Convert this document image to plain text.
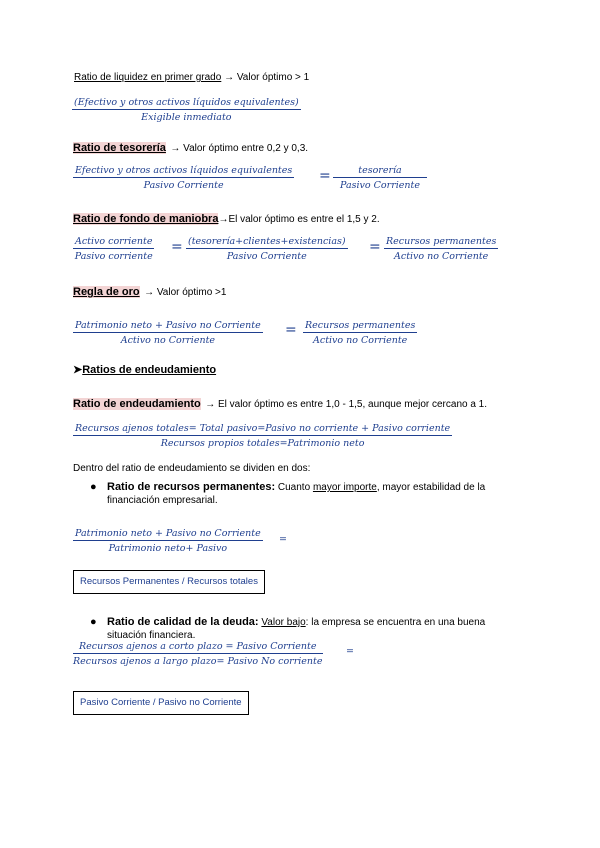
Ratio de liquidez en primer grado → Valor óptimo > 1
(Efectivo y otros activos líquidos equivalentes)
Exigible inmediato
Ratio de tesorería → Valor óptimo entre 0,2 y 0,3.
Efectivo y otros activos líquidos equivalentes
Pasivo Corriente
=	tesorería
Pasivo Corriente
Ratio de fondo de maniobra→El valor óptimo es entre el 1,5 y 2.
Activo corriente
Pasivo corriente
= (tesorería+clientes+existencias)
Pasivo Corriente
= Recursos permanentes
Activo no Corriente
Regla de oro → Valor óptimo >1
Patrimonio neto + Pasivo no Corriente
Activo no Corriente
= Recursos permanentes
Activo no Corriente
➤Ratios de endeudamiento
Ratio de endeudamiento → El valor óptimo es entre 1,0 - 1,5, aunque mejor cercano a 1.
Recursos ajenos totales= Total pasivo=Pasivo no corriente + Pasivo corriente
Recursos propios totales=Patrimonio neto
Dentro del ratio de endeudamiento se dividen en dos:
● Ratio de recursos permanentes: Cuanto mayor importe, mayor estabilidad de la
financiación empresarial.
Patrimonio neto + Pasivo no Corriente
Patrimonio neto+ Pasivo
=
Recursos Permanentes / Recursos totales
● Ratio de calidad de la deuda: Valor bajo: la empresa se encuentra en una buena
situación financiera.
Recursos ajenos a corto plazo = Pasivo Corriente
Recursos ajenos a largo plazo= Pasivo No corriente
=
Pasivo Corriente / Pasivo no Corriente
